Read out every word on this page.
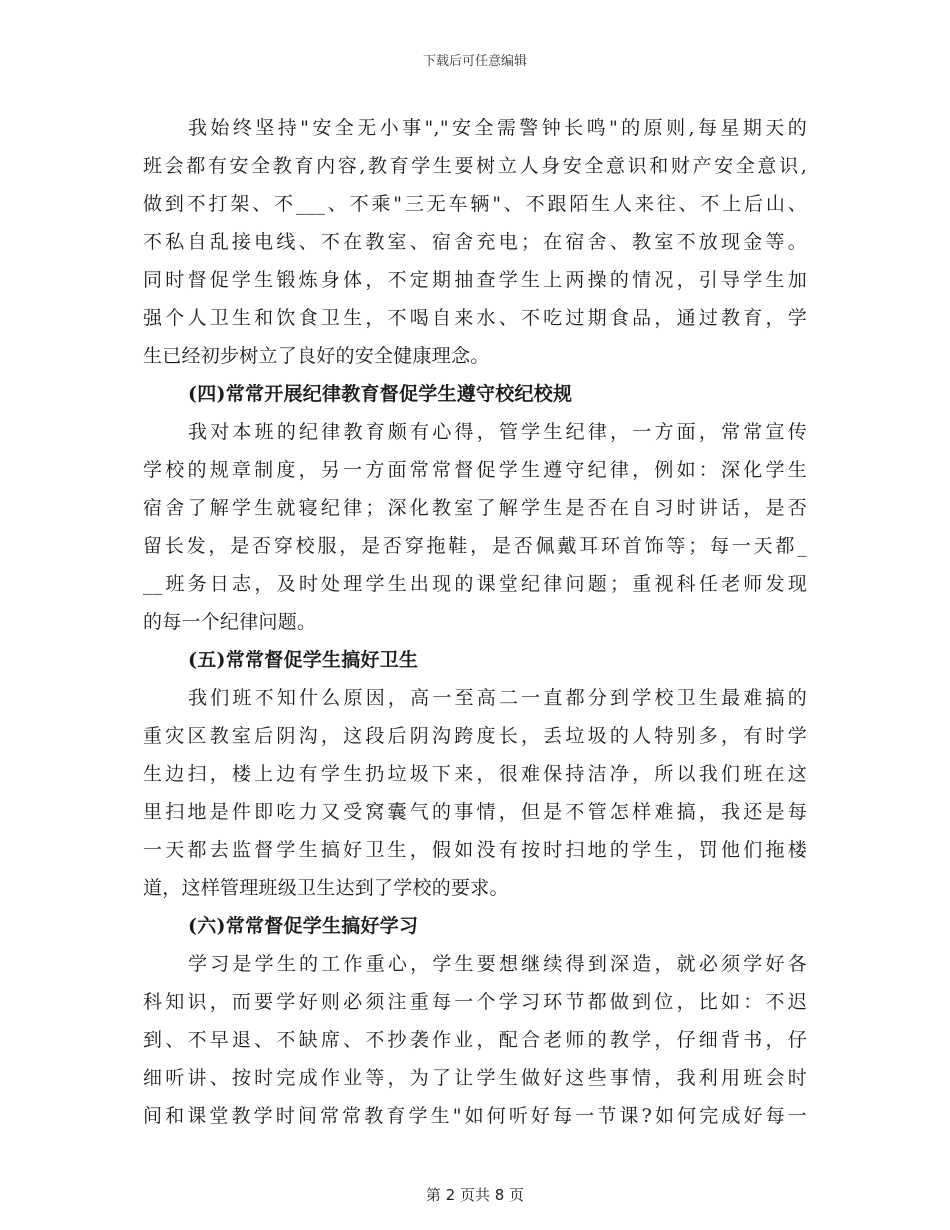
下载后可任意编辑
我始终坚持"安全无小事","安全需警钟长鸣"的原则,每星期天的
班会都有安全教育内容,教育学生要树立人身安全意识和财产安全意识,
做到不打架、不___、不乘"三无车辆"、不跟陌生人来往、不上后山、
不私自乱接电线、不在教室、宿舍充电；在宿舍、教室不放现金等。
同时督促学生锻炼身体，不定期抽查学生上两操的情况，引导学生加
强个人卫生和饮食卫生，不喝自来水、不吃过期食品，通过教育，学
生已经初步树立了良好的安全健康理念。
(四)常常开展纪律教育督促学生遵守校纪校规
我对本班的纪律教育颇有心得，管学生纪律，一方面，常常宣传
学校的规章制度，另一方面常常督促学生遵守纪律，例如：深化学生
宿舍了解学生就寝纪律；深化教室了解学生是否在自习时讲话，是否
留长发，是否穿校服，是否穿拖鞋，是否佩戴耳环首饰等；每一天都_
__班务日志，及时处理学生出现的课堂纪律问题；重视科任老师发现
的每一个纪律问题。
(五)常常督促学生搞好卫生
我们班不知什么原因，高一至高二一直都分到学校卫生最难搞的
重灾区教室后阴沟，这段后阴沟跨度长，丢垃圾的人特别多，有时学
生边扫，楼上边有学生扔垃圾下来，很难保持洁净，所以我们班在这
里扫地是件即吃力又受窝囊气的事情，但是不管怎样难搞，我还是每
一天都去监督学生搞好卫生，假如没有按时扫地的学生，罚他们拖楼
道，这样管理班级卫生达到了学校的要求。
(六)常常督促学生搞好学习
学习是学生的工作重心，学生要想继续得到深造，就必须学好各
科知识，而要学好则必须注重每一个学习环节都做到位，比如：不迟
到、不早退、不缺席、不抄袭作业，配合老师的教学，仔细背书，仔
细听讲、按时完成作业等，为了让学生做好这些事情，我利用班会时
间和课堂教学时间常常教育学生"如何听好每一节课?如何完成好每一
第 2 页共 8 页
